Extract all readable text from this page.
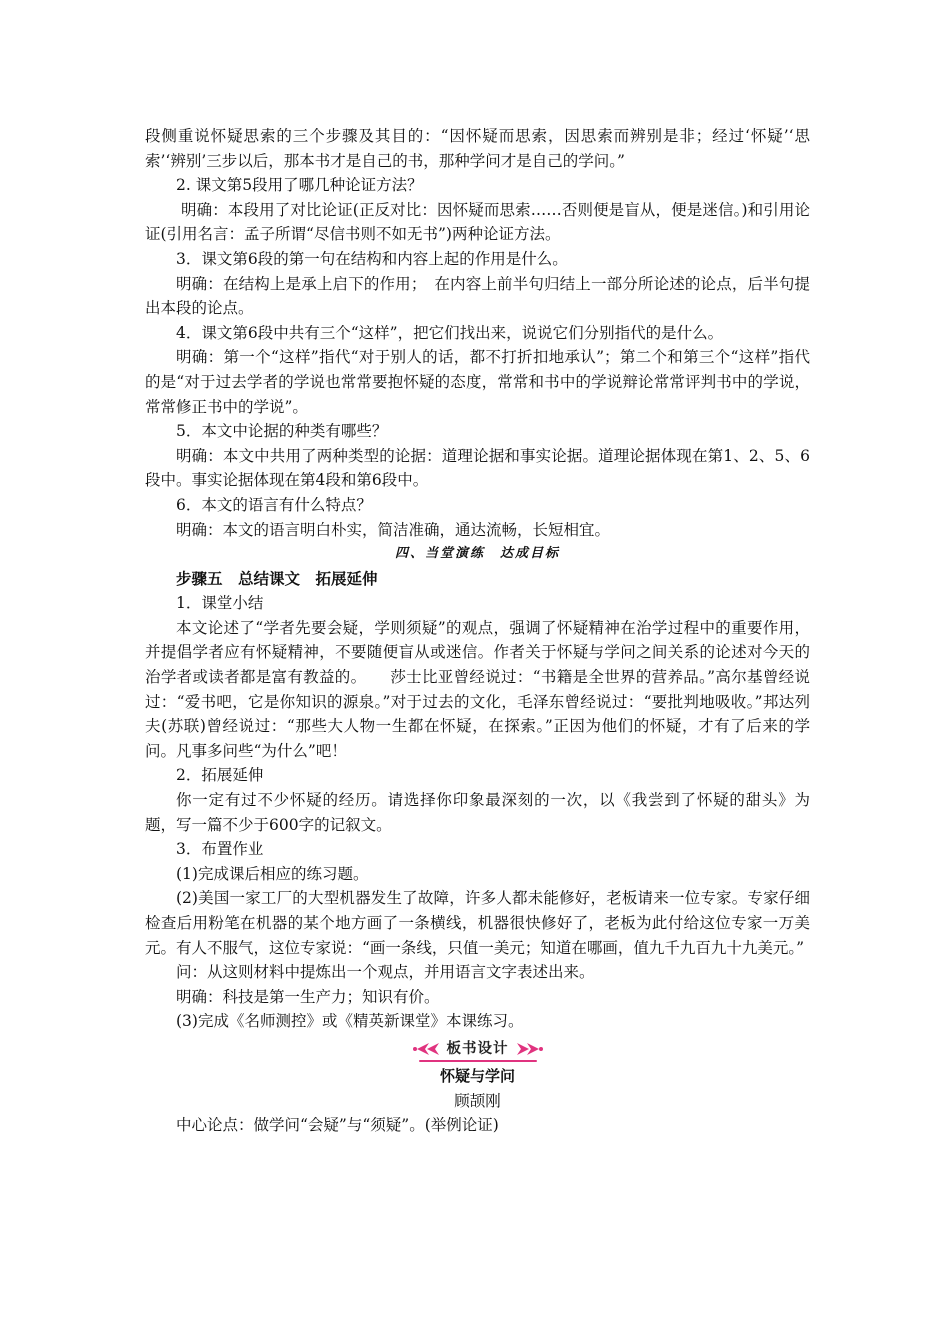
段侧重说怀疑思索的三个步骤及其目的：“因怀疑而思索，因思索而辨别是非；经过‘怀疑’‘思索’‘辨别’三步以后，那本书才是自己的书，那种学问才是自己的学问。”

2. 课文第5段用了哪几种论证方法？

明确：本段用了对比论证(正反对比：因怀疑而思索……否则便是盲从，便是迷信。)和引用论证(引用名言：孟子所谓“尽信书则不如无书”)两种论证方法。

3．课文第6段的第一句在结构和内容上起的作用是什么。

明确：在结构上是承上启下的作用；　在内容上前半句归结上一部分所论述的论点，后半句提出本段的论点。

4．课文第6段中共有三个“这样”，把它们找出来，说说它们分别指代的是什么。

明确：第一个“这样”指代“对于别人的话，都不打折扣地承认”；第二个和第三个“这样”指代的是“对于过去学者的学说也常常要抱怀疑的态度，常常和书中的学说辩论常常评判书中的学说，常常修正书中的学说”。

5．本文中论据的种类有哪些？

明确：本文中共用了两种类型的论据：道理论据和事实论据。道理论据体现在第1、2、5、6段中。事实论据体现在第4段和第6段中。

6．本文的语言有什么特点？

明确：本文的语言明白朴实，简洁准确，通达流畅，长短相宜。

四、当堂演练　达成目标

步骤五　总结课文　拓展延伸

1．课堂小结

本文论述了“学者先要会疑，学则须疑”的观点，强调了怀疑精神在治学过程中的重要作用，并提倡学者应有怀疑精神，不要随便盲从或迷信。作者关于怀疑与学问之间关系的论述对今天的治学者或读者都是富有教益的。　　莎士比亚曾经说过：“书籍是全世界的营养品。”高尔基曾经说过：“爱书吧，它是你知识的源泉。”对于过去的文化，毛泽东曾经说过：“要批判地吸收。”邦达列夫(苏联)曾经说过：“那些大人物一生都在怀疑，在探索。”正因为他们的怀疑，才有了后来的学问。凡事多问些“为什么”吧！

2．拓展延伸

你一定有过不少怀疑的经历。请选择你印象最深刻的一次，以《我尝到了怀疑的甜头》为题，写一篇不少于600字的记叙文。

3．布置作业

(1)完成课后相应的练习题。

(2)美国一家工厂的大型机器发生了故障，许多人都未能修好，老板请来一位专家。专家仔细检查后用粉笔在机器的某个地方画了一条横线，机器很快修好了，老板为此付给这位专家一万美元。有人不服气，这位专家说：“画一条线，只值一美元；知道在哪画，值九千九百九十九美元。”

问：从这则材料中提炼出一个观点，并用语言文字表述出来。

明确：科技是第一生产力；知识有价。

(3)完成《名师测控》或《精英新课堂》本课练习。

板书设计

怀疑与学问

顾颉刚

中心论点：做学问“会疑”与“须疑”。(举例论证)
